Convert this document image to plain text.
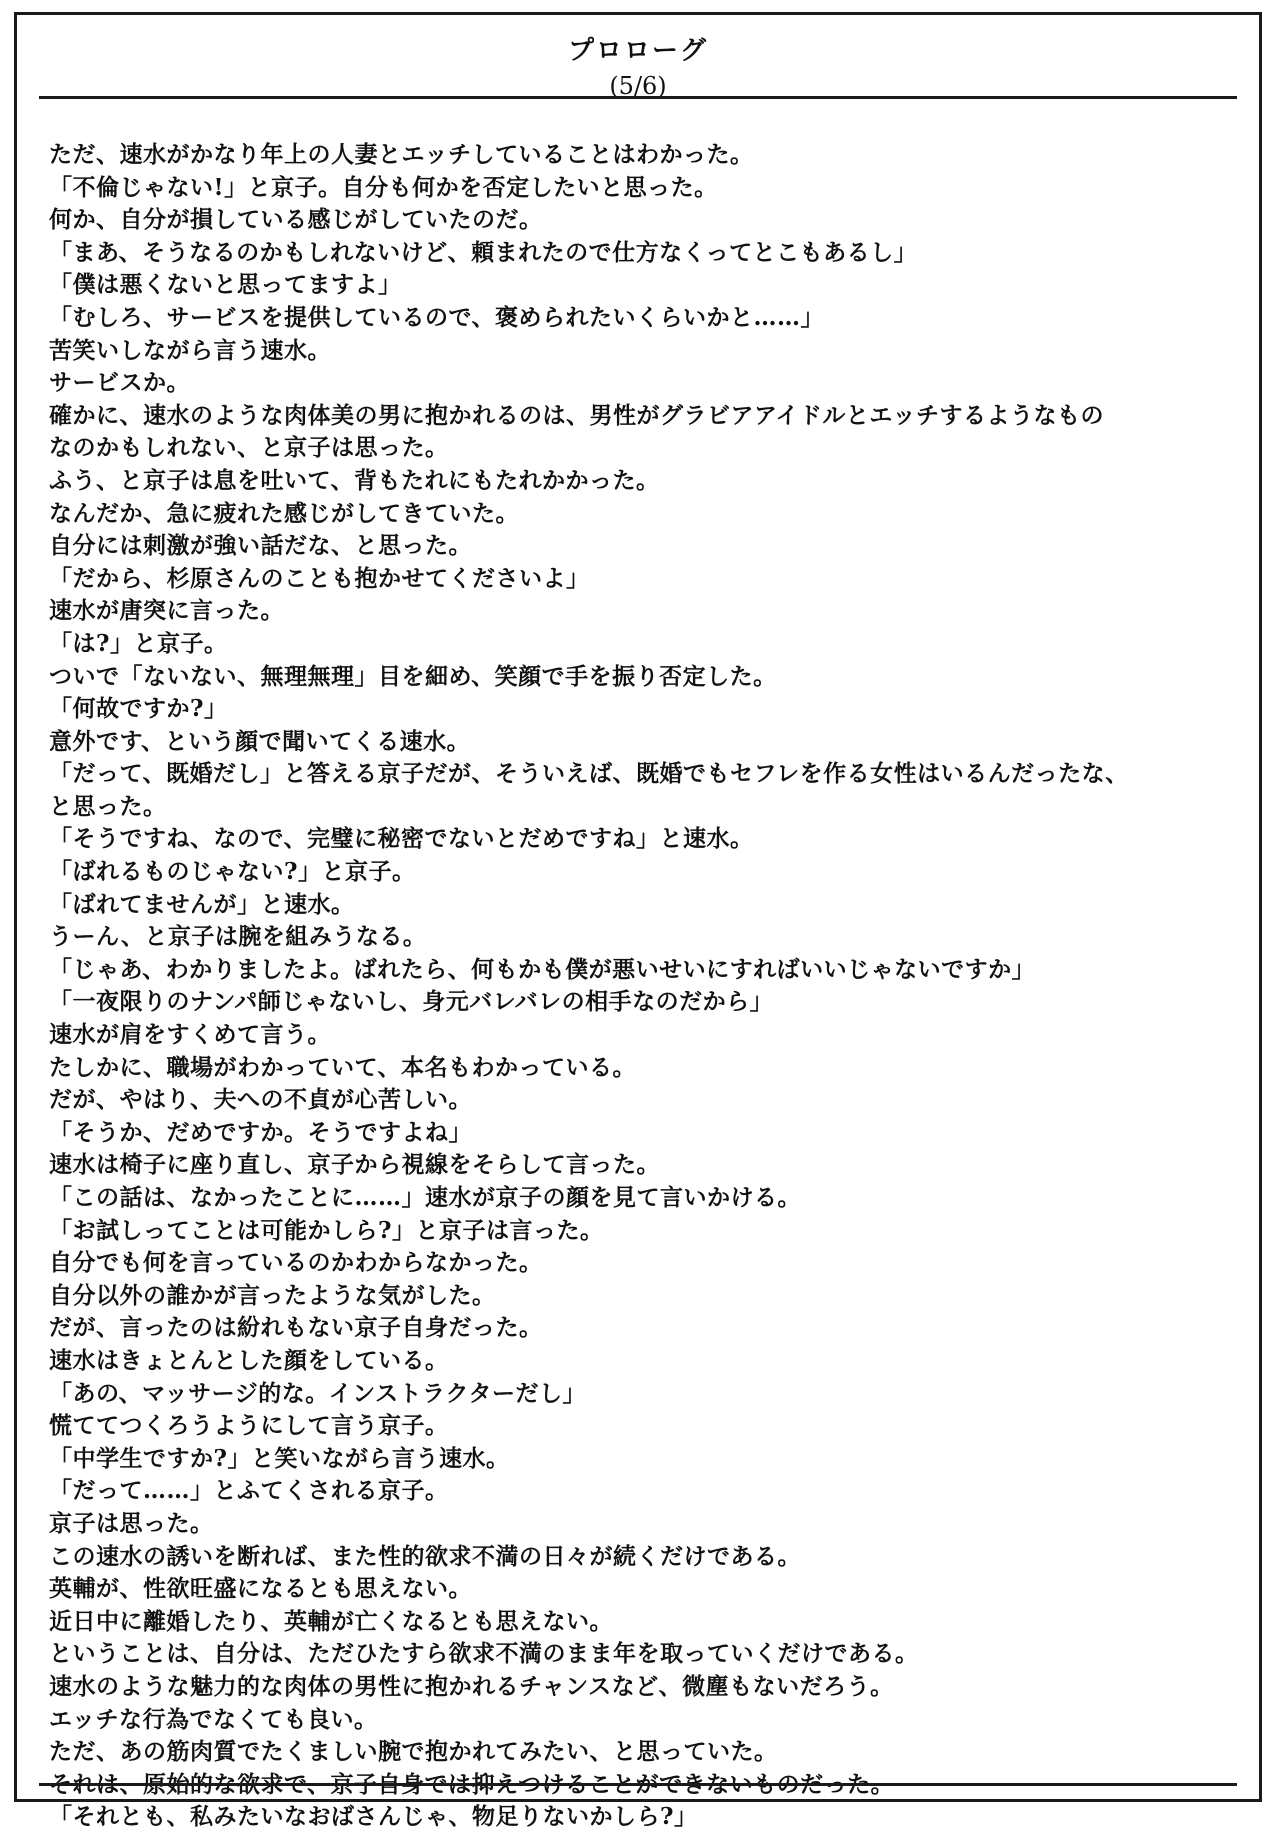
プロローグ
(5/6)
ただ、速水がかなり年上の人妻とエッチしていることはわかった。
「不倫じゃない!」と京子。自分も何かを否定したいと思った。
何か、自分が損している感じがしていたのだ。
「まあ、そうなるのかもしれないけど、頼まれたので仕方なくってとこもあるし」
「僕は悪くないと思ってますよ」
「むしろ、サービスを提供しているので、褒められたいくらいかと……」
苦笑いしながら言う速水。
サービスか。
確かに、速水のような肉体美の男に抱かれるのは、男性がグラビアアイドルとエッチするようなもの
なのかもしれない、と京子は思った。
ふう、と京子は息を吐いて、背もたれにもたれかかった。
なんだか、急に疲れた感じがしてきていた。
自分には刺激が強い話だな、と思った。
「だから、杉原さんのことも抱かせてくださいよ」
速水が唐突に言った。
「は?」と京子。
ついで「ないない、無理無理」目を細め、笑顔で手を振り否定した。
「何故ですか?」
意外です、という顔で聞いてくる速水。
「だって、既婚だし」と答える京子だが、そういえば、既婚でもセフレを作る女性はいるんだったな、
と思った。
「そうですね、なので、完璧に秘密でないとだめですね」と速水。
「ばれるものじゃない?」と京子。
「ばれてませんが」と速水。
うーん、と京子は腕を組みうなる。
「じゃあ、わかりましたよ。ばれたら、何もかも僕が悪いせいにすればいいじゃないですか」
「一夜限りのナンパ師じゃないし、身元バレバレの相手なのだから」
速水が肩をすくめて言う。
たしかに、職場がわかっていて、本名もわかっている。
だが、やはり、夫への不貞が心苦しい。
「そうか、だめですか。そうですよね」
速水は椅子に座り直し、京子から視線をそらして言った。
「この話は、なかったことに……」速水が京子の顔を見て言いかける。
「お試しってことは可能かしら?」と京子は言った。
自分でも何を言っているのかわからなかった。
自分以外の誰かが言ったような気がした。
だが、言ったのは紛れもない京子自身だった。
速水はきょとんとした顔をしている。
「あの、マッサージ的な。インストラクターだし」
慌ててつくろうようにして言う京子。
「中学生ですか?」と笑いながら言う速水。
「だって……」とふてくされる京子。
京子は思った。
この速水の誘いを断れば、また性的欲求不満の日々が続くだけである。
英輔が、性欲旺盛になるとも思えない。
近日中に離婚したり、英輔が亡くなるとも思えない。
ということは、自分は、ただひたすら欲求不満のまま年を取っていくだけである。
速水のような魅力的な肉体の男性に抱かれるチャンスなど、微塵もないだろう。
エッチな行為でなくても良い。
ただ、あの筋肉質でたくましい腕で抱かれてみたい、と思っていた。
それは、原始的な欲求で、京子自身では抑えつけることができないものだった。
「それとも、私みたいなおばさんじゃ、物足りないかしら?」
